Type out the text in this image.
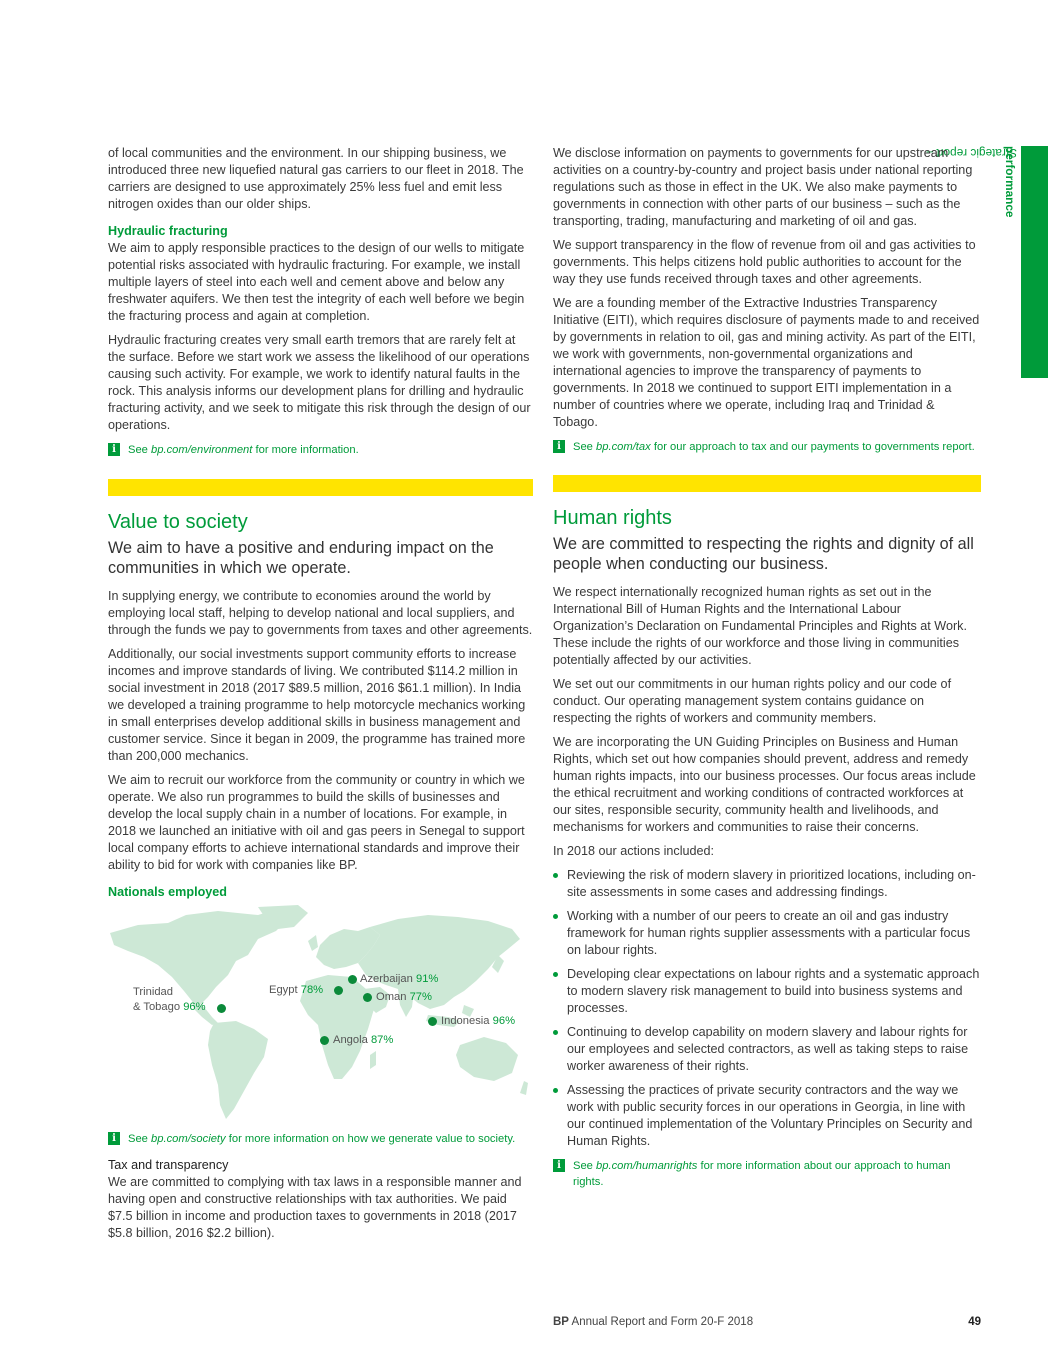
Strategic report –
performance

of local communities and the environment. In our shipping business, we introduced three new liquefied natural gas carriers to our fleet in 2018. The carriers are designed to use approximately 25% less fuel and emit less nitrogen oxides than our older ships.

Hydraulic fracturing

We aim to apply responsible practices to the design of our wells to mitigate potential risks associated with hydraulic fracturing. For example, we install multiple layers of steel into each well and cement above and below any freshwater aquifers. We then test the integrity of each well before we begin the fracturing process and again at completion.

Hydraulic fracturing creates very small earth tremors that are rarely felt at the surface. Before we start work we assess the likelihood of our operations causing such activity. For example, we work to identify natural faults in the rock. This analysis informs our development plans for drilling and hydraulic fracturing activity, and we seek to mitigate this risk through the design of our operations.

i	See bp.com/environment for more information.
Value to society
We aim to have a positive and enduring impact on the communities in which we operate.

In supplying energy, we contribute to economies around the world by employing local staff, helping to develop national and local suppliers, and through the funds we pay to governments from taxes and other agreements.

Additionally, our social investments support community efforts to increase incomes and improve standards of living. We contributed $114.2 million in social investment in 2018 (2017 $89.5 million, 2016 $61.1 million). In India we developed a training programme to help motorcycle mechanics working in small enterprises develop additional skills in business management and customer service. Since it began in 2009, the programme has trained more than 200,000 mechanics.

We aim to recruit our workforce from the community or country in which we operate. We also run programmes to build the skills of businesses and develop the local supply chain in a number of locations. For example, in 2018 we launched an initiative with oil and gas peers in Senegal to support local company efforts to achieve international standards and improve their ability to bid for work with companies like BP.

Nationals employed
Azerbaijan 91%
Egypt 78%
Oman 77%
Trinidad
& Tobago 96%
Indonesia 96%
Angola 87%
i	See bp.com/society for more information on how we generate value to society.
Tax and transparency

We are committed to complying with tax laws in a responsible manner and having open and constructive relationships with tax authorities. We paid $7.5 billion in income and production taxes to governments in 2018 (2017 $5.8 billion, 2016 $2.2 billion).

We disclose information on payments to governments for our upstream activities on a country-by-country and project basis under national reporting regulations such as those in effect in the UK. We also make payments to governments in connection with other parts of our business – such as the transporting, trading, manufacturing and marketing of oil and gas.

We support transparency in the flow of revenue from oil and gas activities to governments. This helps citizens hold public authorities to account for the way they use funds received through taxes and other agreements.

We are a founding member of the Extractive Industries Transparency Initiative (EITI), which requires disclosure of payments made to and received by governments in relation to oil, gas and mining activity. As part of the EITI, we work with governments, non-governmental organizations and international agencies to improve the transparency of payments to governments. In 2018 we continued to support EITI implementation in a number of countries where we operate, including Iraq and Trinidad & Tobago.

i	See bp.com/tax for our approach to tax and our payments to governments report.
Human rights
We are committed to respecting the rights and dignity of all people when conducting our business.

We respect internationally recognized human rights as set out in the International Bill of Human Rights and the International Labour Organization’s Declaration on Fundamental Principles and Rights at Work. These include the rights of our workforce and those living in communities potentially affected by our activities.

We set out our commitments in our human rights policy and our code of conduct. Our operating management system contains guidance on respecting the rights of workers and community members.

We are incorporating the UN Guiding Principles on Business and Human Rights, which set out how companies should prevent, address and remedy human rights impacts, into our business processes. Our focus areas include the ethical recruitment and working conditions of contracted workforces at our sites, responsible security, community health and livelihoods, and mechanisms for workers and communities to raise their concerns.

In 2018 our actions included:

Reviewing the risk of modern slavery in prioritized locations, including on-site assessments in some cases and addressing findings.
Working with a number of our peers to create an oil and gas industry framework for human rights supplier assessments with a particular focus on labour rights.
Developing clear expectations on labour rights and a systematic approach to modern slavery risk management to build into business systems and processes.
Continuing to develop capability on modern slavery and labour rights for our employees and selected contractors, as well as taking steps to raise worker awareness of their rights.
Assessing the practices of private security contractors and the way we work with public security forces in our operations in Georgia, in line with our continued implementation of the Voluntary Principles on Security and Human Rights.
i	See bp.com/humanrights for more information about our approach to human rights.
BP Annual Report and Form 20-F 2018	49
